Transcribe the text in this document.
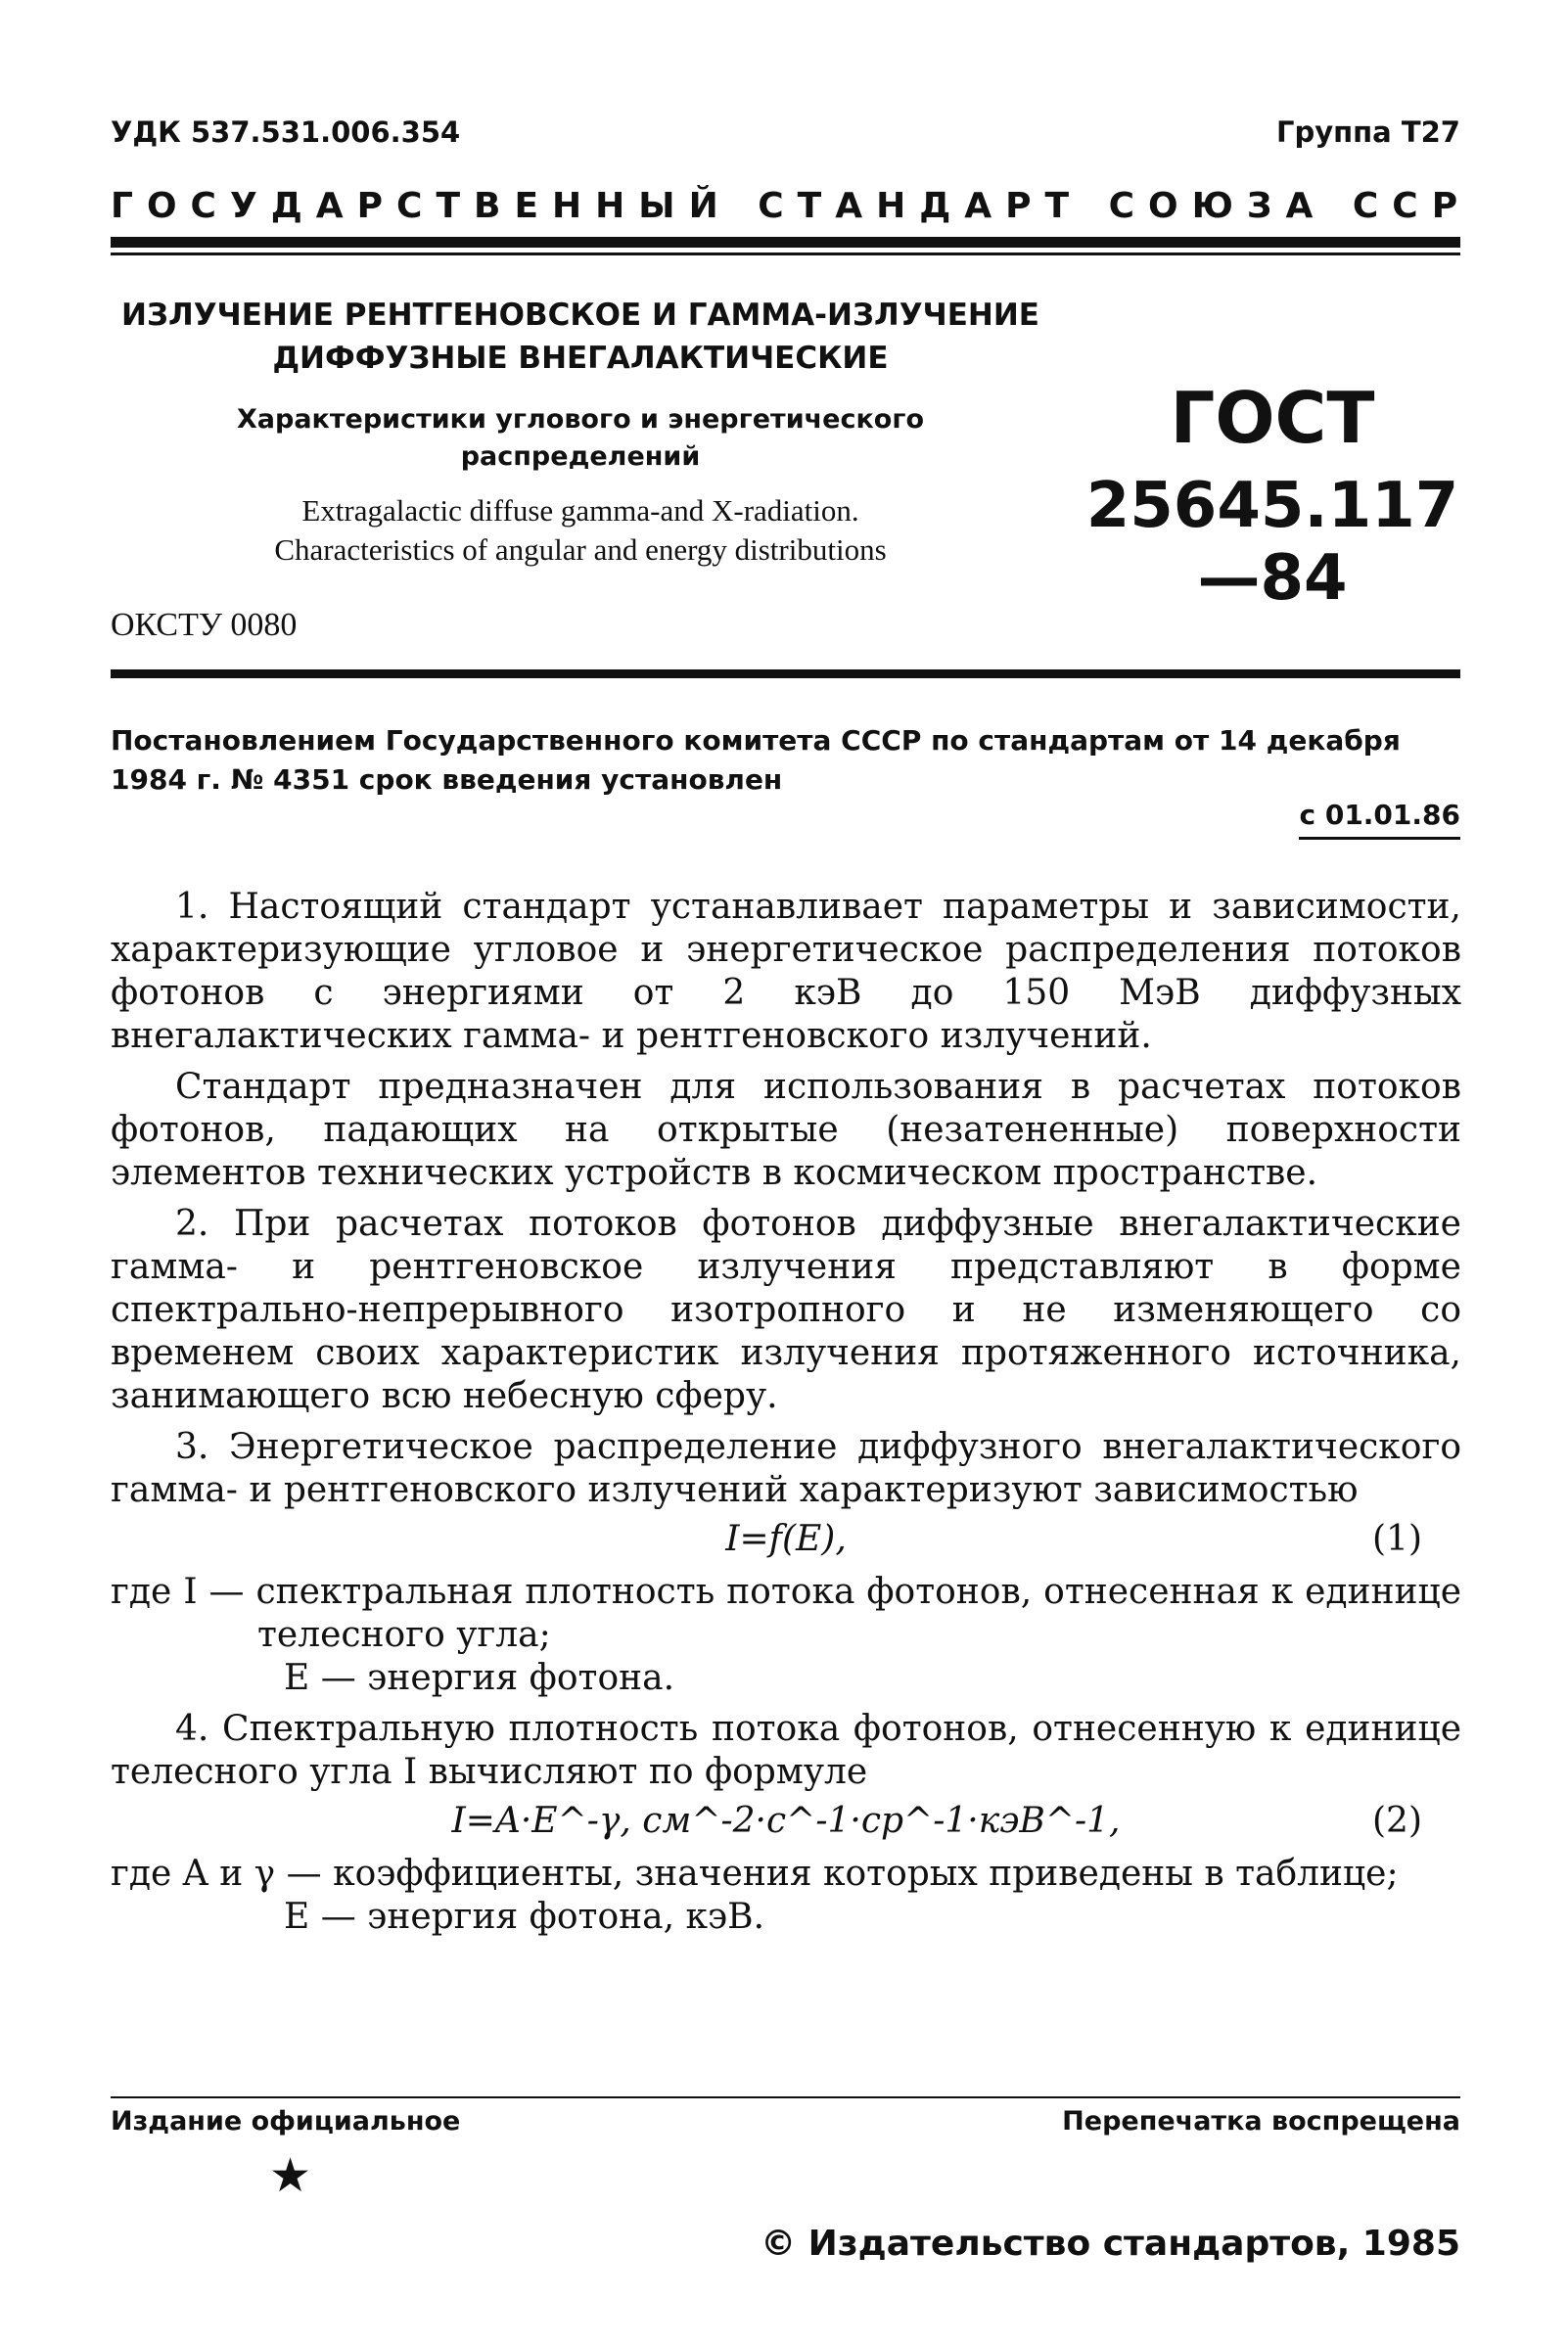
УДК 537.531.006.354	Группа Т27
ГОСУДАРСТВЕННЫЙ СТАНДАРТ СОЮЗА ССР
ИЗЛУЧЕНИЕ РЕНТГЕНОВСКОЕ И ГАММА-ИЗЛУЧЕНИЕ
ДИФФУЗНЫЕ ВНЕГАЛАКТИЧЕСКИЕ
Характеристики углового и энергетического
распределений
Extragalactic diffuse gamma-and X-radiation.
Characteristics of angular and energy distributions
ГОСТ
25645.117—84
ОКСТУ 0080
Постановлением Государственного комитета СССР по стандартам от 14 декабря 1984 г. № 4351 срок введения установлен
с 01.01.86

1. Настоящий стандарт устанавливает параметры и зависимости, характеризующие угловое и энергетическое распределения потоков фотонов с энергиями от 2 кэВ до 150 МэВ диффузных внегалактических гамма- и рентгеновского излучений.

Стандарт предназначен для использования в расчетах потоков фотонов, падающих на открытые (незатененные) поверхности элементов технических устройств в космическом пространстве.

2. При расчетах потоков фотонов диффузные внегалактические гамма- и рентгеновское излучения представляют в форме спектрально-непрерывного изотропного и не изменяющего со временем своих характеристик излучения протяженного источника, занимающего всю небесную сферу.

3. Энергетическое распределение диффузного внегалактического гамма- и рентгеновского излучений характеризуют зависимостью

I=f(E),	(1)
где I — спектральная плотность потока фотонов, отнесенная к единице телесного угла;
E — энергия фотона.

4. Спектральную плотность потока фотонов, отнесенную к единице телесного угла I вычисляют по формуле

I=A·E^-γ, см^-2·с^-1·ср^-1·кэВ^-1,	(2)
где A и γ — коэффициенты, значения которых приведены в таблице;
E — энергия фотона, кэВ.
Издание официальное	Перепечатка воспрещена
★
© Издательство стандартов, 1985
